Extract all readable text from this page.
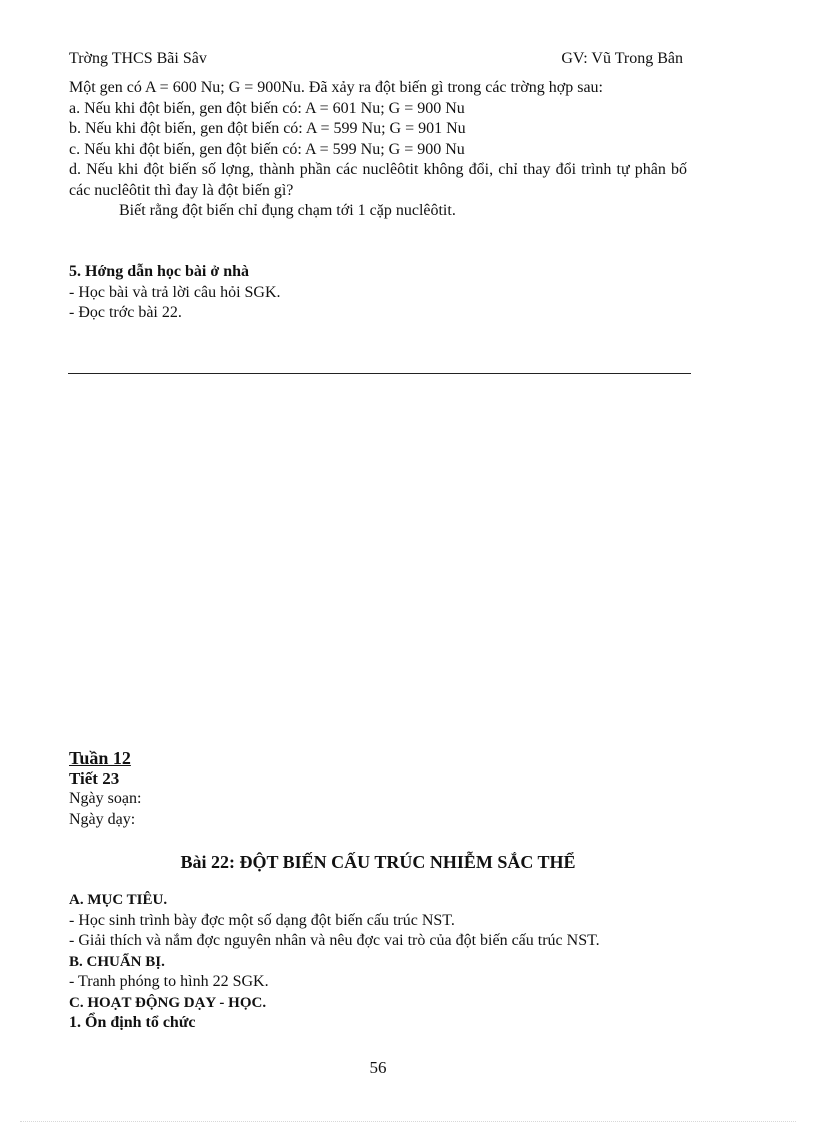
Trờng THCS Bãi Sâv	GV: Vũ Trong Bân
Một gen có A = 600 Nu; G = 900Nu. Đã xảy ra đột biến gì trong các trờng hợp sau:
a. Nếu khi đột biến, gen đột biến có: A = 601 Nu; G = 900 Nu
b. Nếu khi đột biến, gen đột biến có: A = 599 Nu; G = 901 Nu
c. Nếu khi đột biến, gen đột biến có: A = 599 Nu; G = 900 Nu
d. Nếu khi đột biến số lợng, thành phần các nuclêôtit không đổi, chỉ thay đổi trình tự phân bố các nuclêôtit thì đay là đột biến gì?
Biết rằng đột biến chỉ đụng chạm tới 1 cặp nuclêôtit.
5. Hớng dẫn học bài ở nhà
- Học bài và trả lời câu hỏi SGK.
- Đọc trớc bài 22.
Tuần 12
Tiết 23
Ngày soạn:
Ngày dạy:
Bài 22: ĐỘT BIẾN CẤU TRÚC NHIỄM SẮC THỂ
A. MỤC TIÊU.
- Học sinh trình bày đợc một số dạng đột biến cấu trúc NST.
- Giải thích và nắm đợc nguyên nhân và nêu đợc vai trò của đột biến cấu trúc NST.
B. CHUẨN BỊ.
- Tranh phóng to hình 22 SGK.
C. HOẠT ĐỘNG DẠY - HỌC.
1. Ổn định tổ chức
56
